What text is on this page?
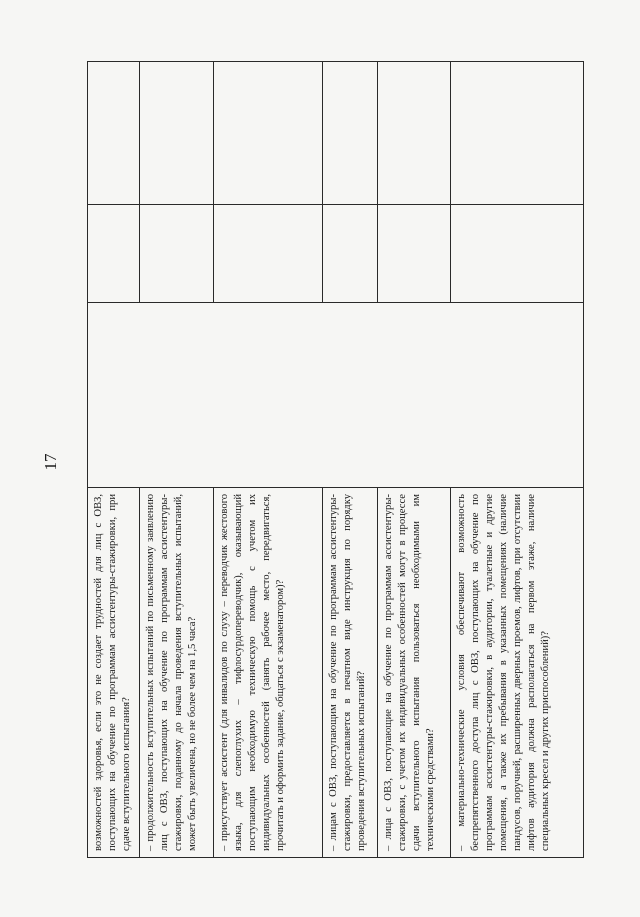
17
возможностей здоровья, если это не создает трудностей для лиц с ОВЗ, поступающих на обучение по программам ассистентуры-стажировки, при сдаче вступительного испытания?			
– продолжительность вступительных испытаний по письменному заявлению лиц с ОВЗ, поступающих на обучение по программам ассистентуры-стажировки, поданному до начала проведения вступительных испытаний, может быть увеличена, но не более чем на 1,5 часа?			
– присутствует ассистент (для инвалидов по слуху – переводчик жестового языка, для слепоглухих – тифлосурдопереводчик), оказывающий поступающим необходимую техническую помощь с учетом их индивидуальных особенностей (занять рабочее место, передвигаться, прочитать и оформить задание, общаться с экзаменатором)?			
– лицам с ОВЗ, поступающим на обучение по программам ассистентуры-стажировки, предоставляется в печатном виде инструкция по порядку проведения вступительных испытаний?			
– лица с ОВЗ, поступающие на обучение по программам ассистентуры-стажировки, с учетом их индивидуальных особенностей могут в процессе сдачи вступительного испытания пользоваться необходимыми им техническими средствами?			
– материально-технические условия обеспечивают возможность беспрепятственного доступа лиц с ОВЗ, поступающих на обучение по программам ассистентуры-стажировки, в аудитории, туалетные и другие помещения, а также их пребывания в указанных помещениях (наличие пандусов, поручней, расширенных дверных проемов, лифтов, при отсутствии лифтов аудитория должна располагаться на первом этаже, наличие специальных кресел и других приспособлений)?			
